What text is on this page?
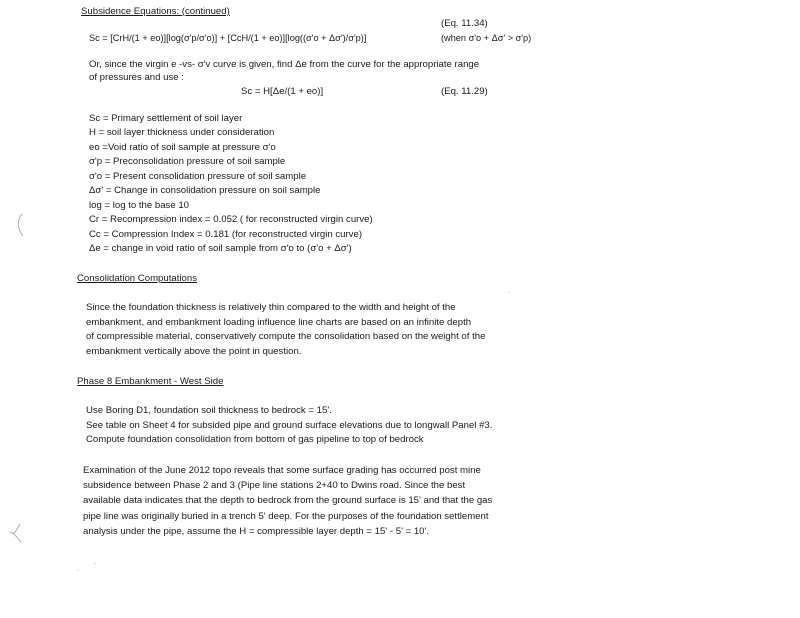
Subsidence Equations: (continued)
(Eq. 11.34)
Sc = [CrH/(1 + eo)][log(σ'p/σ'o)] + [CcH/(1 + eo)][log((σ'o + Δσ')/σ'p)]	(when σ'o + Δσ' > σ'p)
Or, since the virgin e -vs- σ'v curve is given, find Δe from the curve for the appropriate range
of pressures and use :
Sc = H[Δe/(1 + eo)]	(Eq. 11.29)
Sc = Primary settlement of soil layer
H = soil layer thickness under consideration
eo =Void ratio of soil sample at pressure σ'o
σ'p = Preconsolidation pressure of soil sample
σ'o = Present consolidation pressure of soil sample
Δσ' = Change in consolidation pressure on soil sample
log = log to the base 10
Cr = Recompression index = 0.052 ( for reconstructed virgin curve)
Cc = Compression Index = 0.181 (for reconstructed virgin curve)
Δe = change in void ratio of soil sample from σ'o to (σ'o + Δσ')
Consolidation Computations
Since the foundation thickness is relatively thin compared to the width and height of the
embankment, and embankment loading influence line charts are based on an infinite depth
of compressible material, conservatively compute the consolidation based on the weight of the
embankment vertically above the point in question.
Phase 8 Embankment - West Side
Use Boring D1, foundation soil thickness to bedrock = 15'.
See table on Sheet 4 for subsided pipe and ground surface elevations due to longwall Panel #3.
Compute foundation consolidation from bottom of gas pipeline to top of bedrock
Examination of the June 2012 topo reveals that some surface grading has occurred post mine
subsidence between Phase 2 and 3 (Pipe line stations 2+40 to Dwins road. Since the best
available data indicates that the depth to bedrock from the ground surface is 15' and that the gas
pipe line was originally buried in a trench 5' deep. For the purposes of the foundation settlement
analysis under the pipe, assume the H = compressible layer depth = 15' - 5' = 10'.
·
·
·
